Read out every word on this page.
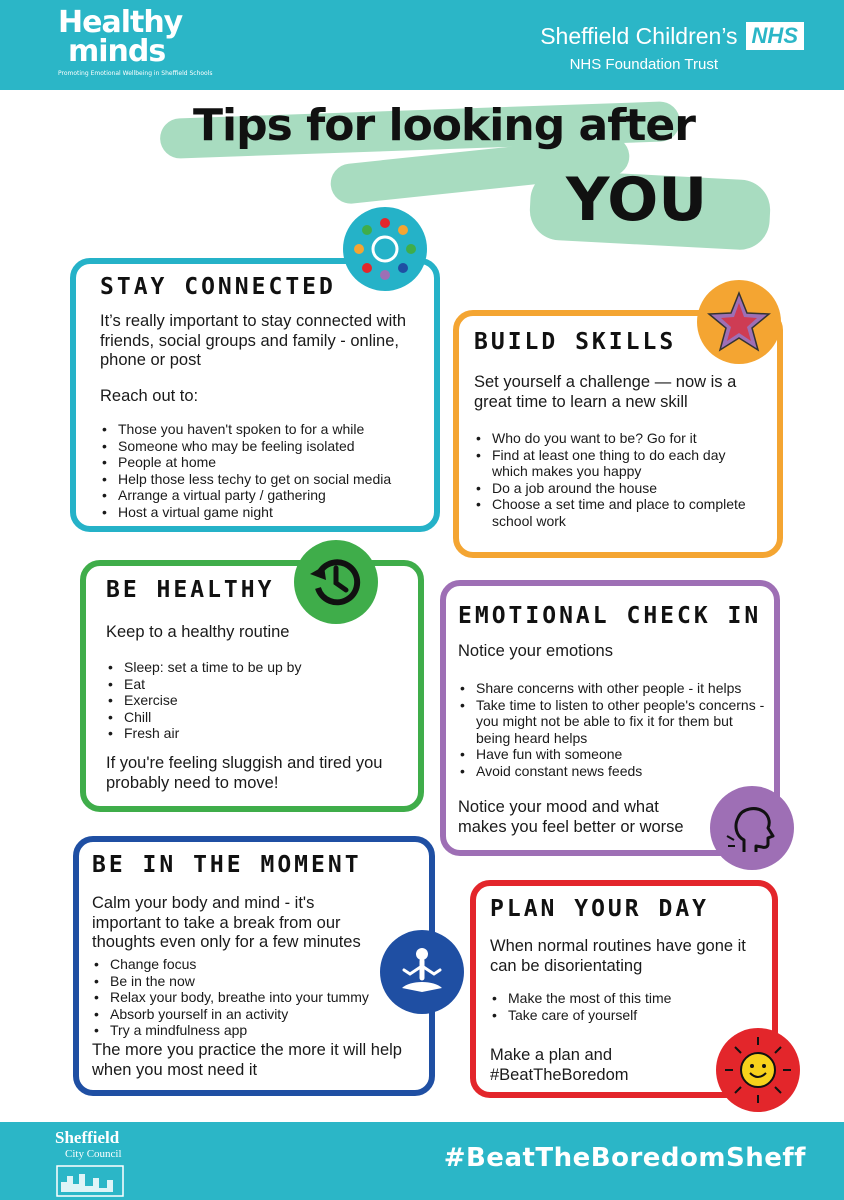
Healthy
minds
Promoting Emotional Wellbeing in Sheffield Schools
Sheffield Children’s NHS
NHS Foundation Trust
Tips for looking after
YOU
STAY CONNECTED
It’s really important to stay connected with friends, social groups and family - online, phone or post
Reach out to:
• Those you haven't spoken to for a while
• Someone who may be feeling isolated
• People at home
• Help those less techy to get on social media
• Arrange a virtual party / gathering
• Host a virtual game night
BUILD SKILLS
Set yourself a challenge — now is a great time to learn a new skill
• Who do you want to be? Go for it
• Find at least one thing to do each day which makes you happy
• Do a job around the house
• Choose a set time and place to complete school work
BE HEALTHY
Keep to a healthy routine
• Sleep: set a time to be up by
• Eat
• Exercise
• Chill
• Fresh air
If you're feeling sluggish and tired you probably need to move!
EMOTIONAL CHECK IN
Notice your emotions
• Share concerns with other people - it helps
• Take time to listen to other people's concerns - you might not be able to fix it for them but being heard helps
• Have fun with someone
• Avoid constant news feeds
Notice your mood and what makes you feel better or worse
BE IN THE MOMENT
Calm your body and mind - it's important to take a break from our thoughts even only for a few minutes
• Change focus
• Be in the now
• Relax your body, breathe into your tummy
• Absorb yourself in an activity
• Try a mindfulness app
The more you practice the more it will help when you most need it
PLAN YOUR DAY
When normal routines have gone it can be disorientating
• Make the most of this time
• Take care of yourself
Make a plan and #BeatTheBoredom
Sheffield
City Council	#BeatTheBoredomSheff
